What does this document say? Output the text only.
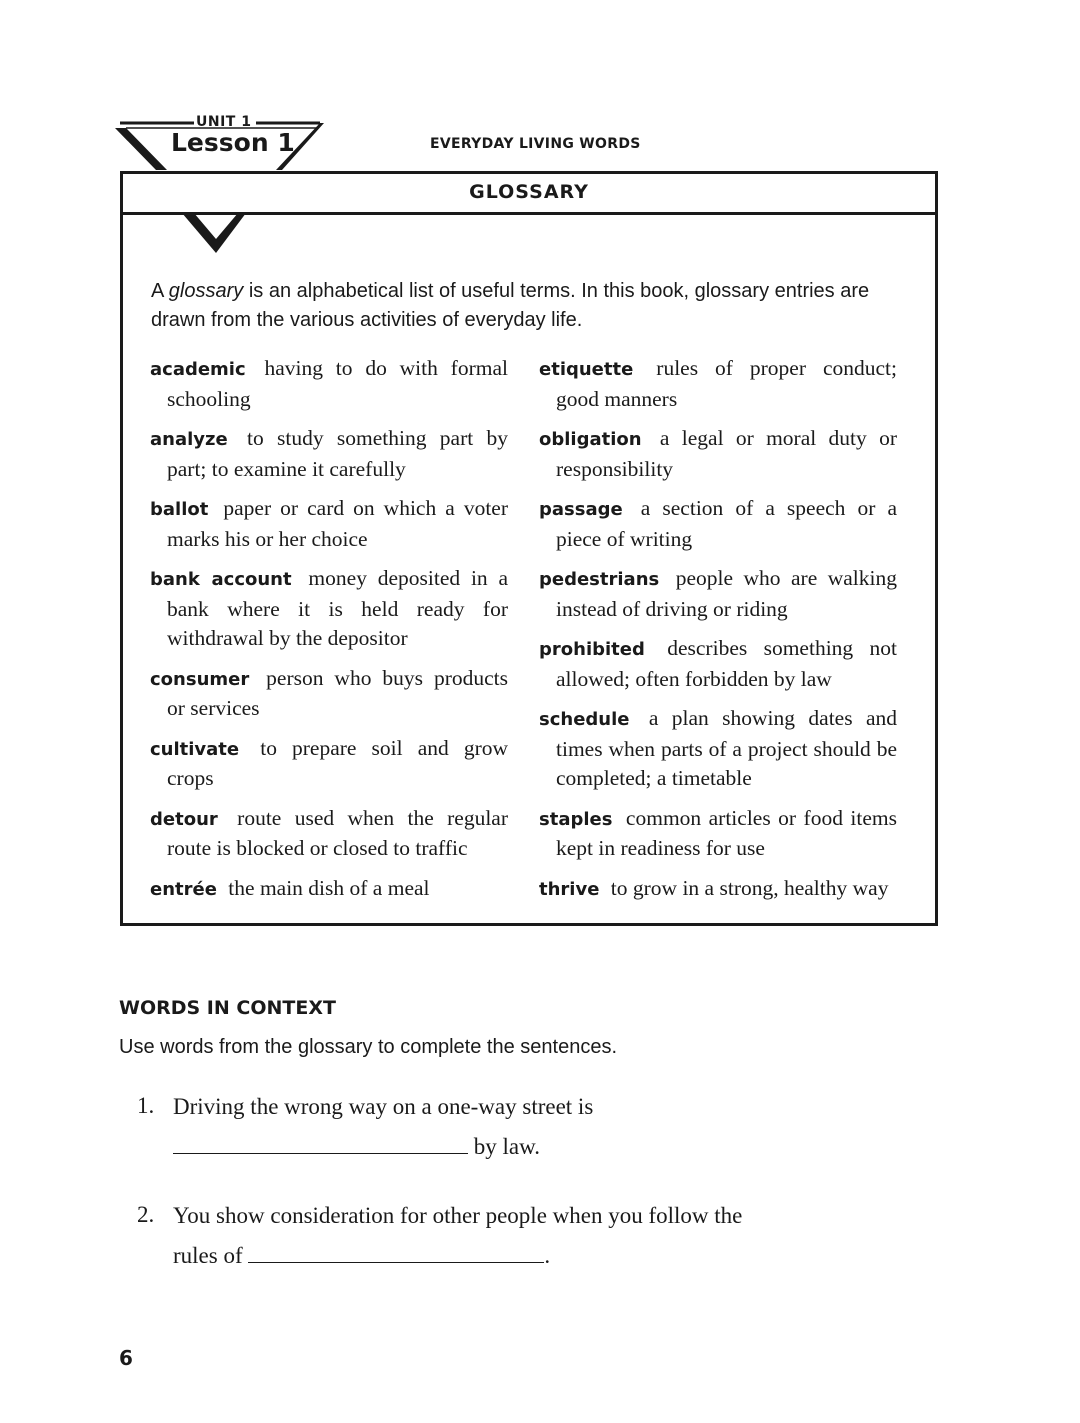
UNIT 1
Lesson 1	EVERYDAY LIVING WORDS
GLOSSARY
A glossary is an alphabetical list of useful terms. In this book, glossary entries are drawn from the various activities of everyday life.
academic having to do with formal schooling
analyze to study something part by part; to examine it carefully
ballot paper or card on which a voter marks his or her choice
bank account money deposited in a bank where it is held ready for withdrawal by the depositor
consumer person who buys products or services
cultivate to prepare soil and grow crops
detour route used when the regular route is blocked or closed to traffic
entrée the main dish of a meal
etiquette rules of proper conduct; good manners
obligation a legal or moral duty or responsibility
passage a section of a speech or a piece of writing
pedestrians people who are walking instead of driving or riding
prohibited describes something not allowed; often forbidden by law
schedule a plan showing dates and times when parts of a project should be completed; a timetable
staples common articles or food items kept in readiness for use
thrive to grow in a strong, healthy way
WORDS IN CONTEXT
Use words from the glossary to complete the sentences.
1. Driving the wrong way on a one-way street is
by law.
2. You show consideration for other people when you follow the
rules of	.
6
